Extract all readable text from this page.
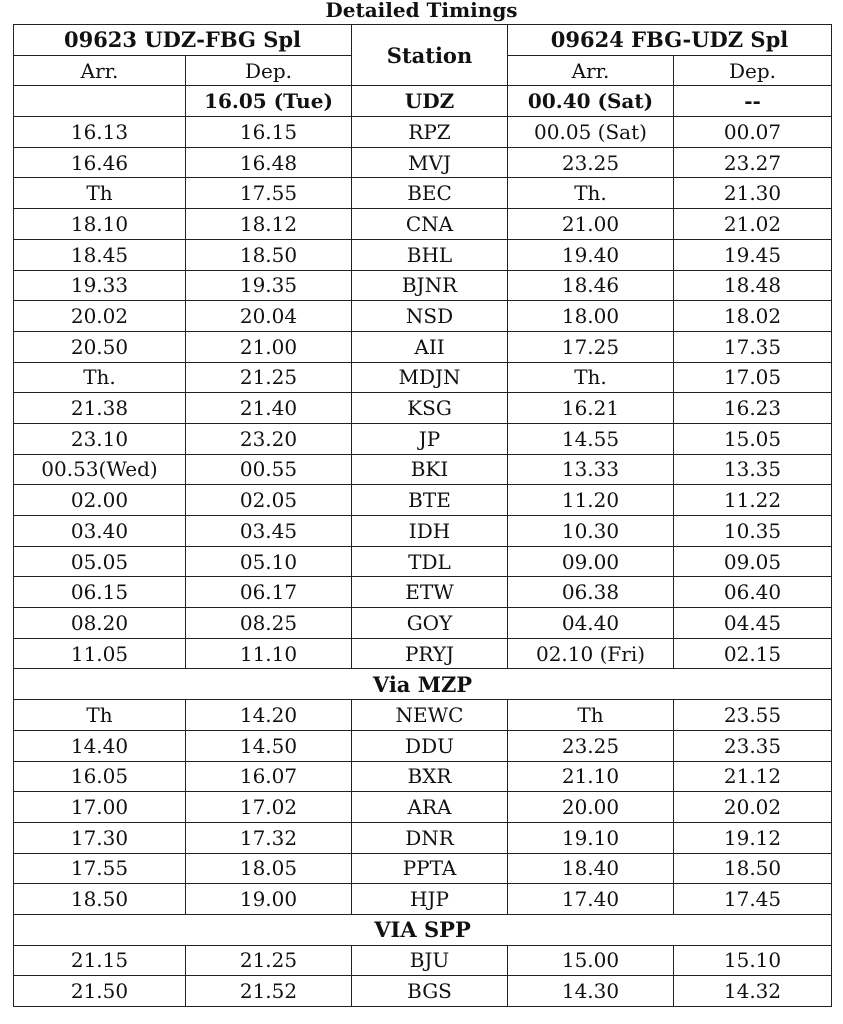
Detailed Timings
09623 UDZ-FBG Spl		Station	09624 FBG-UDZ Spl	
Arr.	Dep.		Arr.	Dep.
	16.05 (Tue)	UDZ	00.40 (Sat)	--
16.13	16.15	RPZ	00.05 (Sat)	00.07
16.46	16.48	MVJ	23.25	23.27
Th	17.55	BEC	Th.	21.30
18.10	18.12	CNA	21.00	21.02
18.45	18.50	BHL	19.40	19.45
19.33	19.35	BJNR	18.46	18.48
20.02	20.04	NSD	18.00	18.02
20.50	21.00	AII	17.25	17.35
Th.	21.25	MDJN	Th.	17.05
21.38	21.40	KSG	16.21	16.23
23.10	23.20	JP	14.55	15.05
00.53(Wed)	00.55	BKI	13.33	13.35
02.00	02.05	BTE	11.20	11.22
03.40	03.45	IDH	10.30	10.35
05.05	05.10	TDL	09.00	09.05
06.15	06.17	ETW	06.38	06.40
08.20	08.25	GOY	04.40	04.45
11.05	11.10	PRYJ	02.10 (Fri)	02.15
Via MZP				
Th	14.20	NEWC	Th	23.55
14.40	14.50	DDU	23.25	23.35
16.05	16.07	BXR	21.10	21.12
17.00	17.02	ARA	20.00	20.02
17.30	17.32	DNR	19.10	19.12
17.55	18.05	PPTA	18.40	18.50
18.50	19.00	HJP	17.40	17.45
VIA SPP				
21.15	21.25	BJU	15.00	15.10
21.50	21.52	BGS	14.30	14.32
